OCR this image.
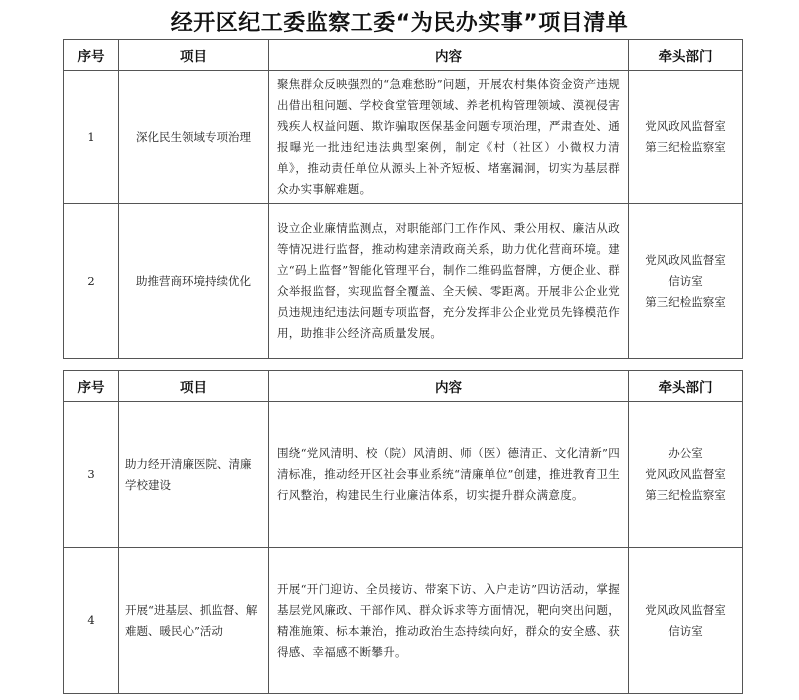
经开区纪工委监察工委“为民办实事”项目清单
序号	项目	内容	牵头部门
1	深化民生领域专项治理	聚焦群众反映强烈的“急难愁盼”问题，开展农村集体资金资产违规出借出租问题、学校食堂管理领域、养老机构管理领域、漠视侵害残疾人权益问题、欺诈骗取医保基金问题专项治理，严肃查处、通报曝光一批违纪违法典型案例，制定《村（社区）小微权力清单》，推动责任单位从源头上补齐短板、堵塞漏洞，切实为基层群众办实事解难题。	党风政风监督室
第三纪检监察室

2	助推营商环境持续优化	设立企业廉情监测点，对职能部门工作作风、秉公用权、廉洁从政等情况进行监督，推动构建亲清政商关系，助力优化营商环境。建立“码上监督”智能化管理平台，制作二维码监督牌，方便企业、群众举报监督，实现监督全覆盖、全天候、零距离。开展非公企业党员违规违纪违法问题专项监督，充分发挥非公企业党员先锋模范作用，助推非公经济高质量发展。	党风政风监督室
信访室
第三纪检监察室
序号	项目	内容	牵头部门
3	助力经开清廉医院、清廉学校建设	围绕“党风清明、校（院）风清朗、师（医）德清正、文化清新”四清标准，推动经开区社会事业系统“清廉单位”创建，推进教育卫生行风整治，构建民生行业廉洁体系，切实提升群众满意度。	办公室
党风政风监督室
第三纪检监察室

4	开展“进基层、抓监督、解难题、暖民心”活动	开展“开门迎访、全员接访、带案下访、入户走访”四访活动，掌握基层党风廉政、干部作风、群众诉求等方面情况，靶向突出问题，精准施策、标本兼治，推动政治生态持续向好，群众的安全感、获得感、幸福感不断攀升。	党风政风监督室
信访室
